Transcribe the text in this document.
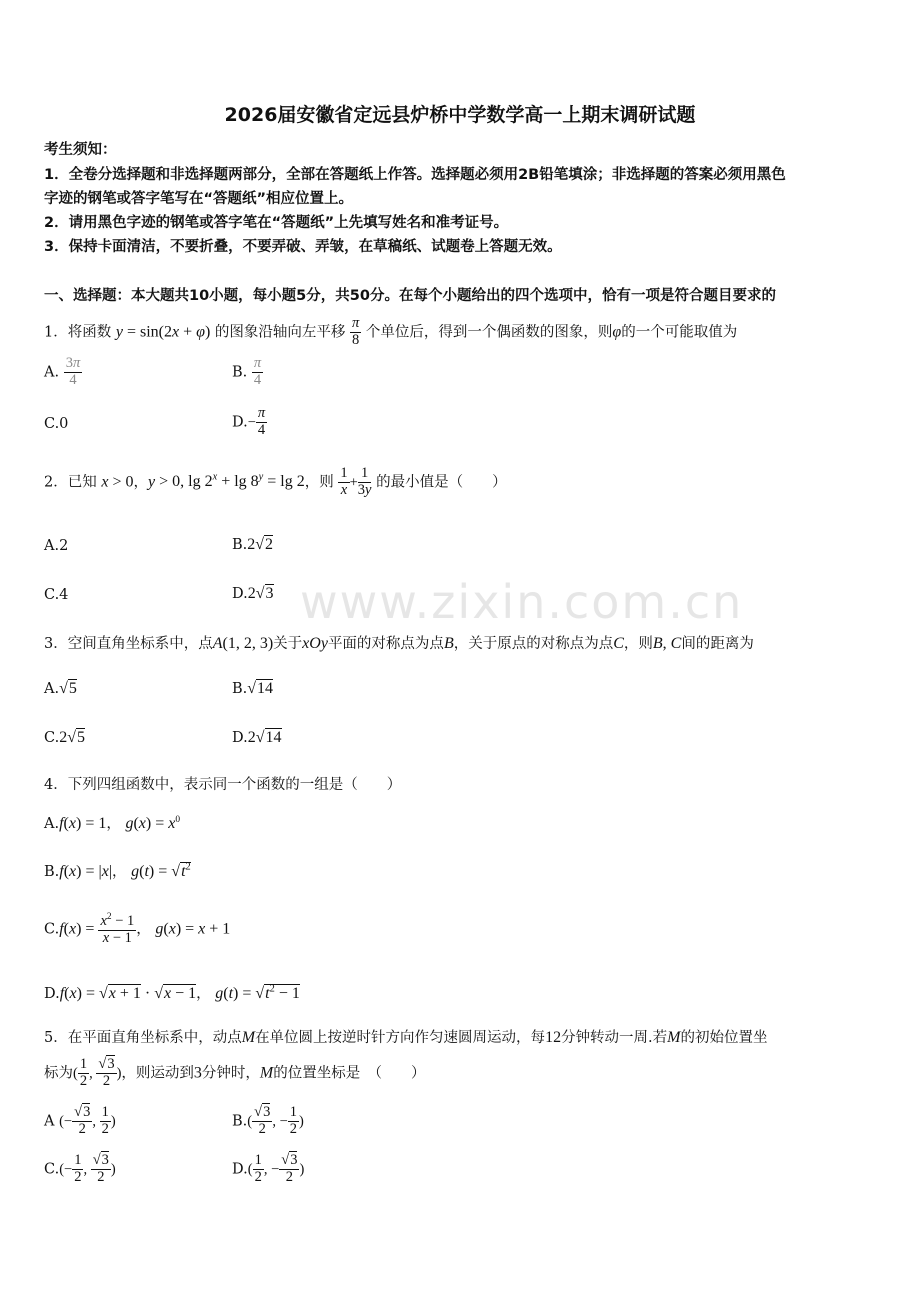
2026届安徽省定远县炉桥中学数学高一上期末调研试题
考生须知：
1．全卷分选择题和非选择题两部分，全部在答题纸上作答。选择题必须用2B铅笔填涂；非选择题的答案必须用黑色
字迹的钢笔或答字笔写在“答题纸”相应位置上。
2．请用黑色字迹的钢笔或答字笔在“答题纸”上先填写姓名和准考证号。
3．保持卡面清洁，不要折叠，不要弄破、弄皱，在草稿纸、试题卷上答题无效。
一、选择题：本大题共10小题，每小题5分，共50分。在每个小题给出的四个选项中，恰有一项是符合题目要求的
www.zixin.com.cn
1．将函数 y = sin(2x + φ) 的图象沿轴向左平移 $\frac{\pi}{8}$ 个单位后，得到一个偶函数的图象，则φ的一个可能取值为
A. $\frac{3\pi}{4}$	B. $\frac{\pi}{4}$
C.0	$D.- \frac{\pi}{4}$
2．已知 x > 0，y > 0, $\lg 2^x + \lg 8^y = \lg 2$，则 $\frac{1}{x} + \frac{1}{3y}$ 的最小值是（　　）
A.2	B.2√2
C.4	D.2√3
3．空间直角坐标系中，点A(1, 2, 3)关于xOy平面的对称点为点B，关于原点的对称点为点C，则B, C间的距离为
A.√5	B.√14
C.2√5	D.2√14
4．下列四组函数中，表示同一个函数的一组是（　　）
A.f(x) = 1， $g(x) = x^0$
B.f(x) = |x|， $g(t) = √t^2$
$C.f(x) = \frac{x^2 - 1}{x - 1}$ ， g(x) = x + 1
D.f(x) = √x + 1 · √x − 1， $g(t) = √t^2 - 1$
5．在平面直角坐标系中，动点M在单位圆上按逆时针方向作匀速圆周运动，每12分钟转动一周.若M的初始位置坐
标为( $\frac{1}{2}$ , $\frac{√3}{2}$ )，则运动到3分钟时，M的位置坐标是　（　　）
A (− $\frac{√3}{2}$ , $\frac{1}{2}$ )	$B.( \frac{√3}{2}$ , − $\frac{1}{2}$ )
$C.(- \frac{1}{2}$ , $\frac{√3}{2}$ )	$D.( \frac{1}{2}$ , − $\frac{√3}{2}$ )
